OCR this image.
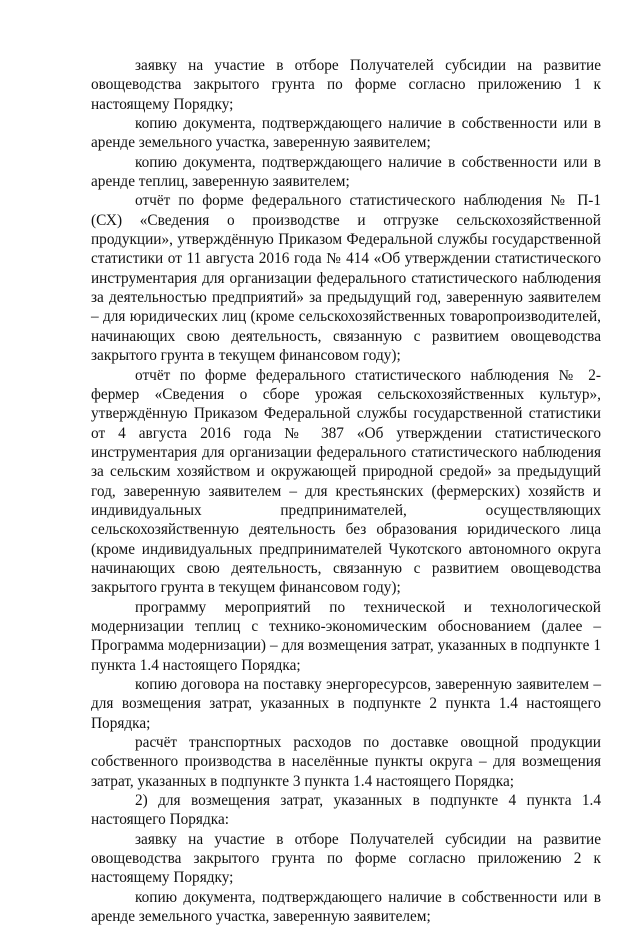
заявку на участие в отборе Получателей субсидии на развитие овощеводства закрытого грунта по форме согласно приложению 1 к настоящему Порядку;

копию документа, подтверждающего наличие в собственности или в аренде земельного участка, заверенную заявителем;

копию документа, подтверждающего наличие в собственности или в аренде теплиц, заверенную заявителем;

отчёт по форме федерального статистического наблюдения № П-1 (СХ) «Сведения о производстве и отгрузке сельскохозяйственной продукции», утверждённую Приказом Федеральной службы государственной статистики от 11 августа 2016 года № 414 «Об утверждении статистического инструментария для организации федерального статистического наблюдения за деятельностью предприятий» за предыдущий год, заверенную заявителем – для юридических лиц (кроме сельскохозяйственных товаропроизводителей, начинающих свою деятельность, связанную с развитием овощеводства закрытого грунта в текущем финансовом году);

отчёт по форме федерального статистического наблюдения № 2-фермер «Сведения о сборе урожая сельскохозяйственных культур», утверждённую Приказом Федеральной службы государственной статистики от 4 августа 2016 года № 387 «Об утверждении статистического инструментария для организации федерального статистического наблюдения за сельским хозяйством и окружающей природной средой» за предыдущий год, заверенную заявителем – для крестьянских (фермерских) хозяйств и индивидуальных предпринимателей, осуществляющих сельскохозяйственную деятельность без образования юридического лица (кроме индивидуальных предпринимателей Чукотского автономного округа начинающих свою деятельность, связанную с развитием овощеводства закрытого грунта в текущем финансовом году);

программу мероприятий по технической и технологической модернизации теплиц с технико-экономическим обоснованием (далее – Программа модернизации) – для возмещения затрат, указанных в подпункте 1 пункта 1.4 настоящего Порядка;

копию договора на поставку энергоресурсов, заверенную заявителем – для возмещения затрат, указанных в подпункте 2 пункта 1.4 настоящего Порядка;

расчёт транспортных расходов по доставке овощной продукции собственного производства в населённые пункты округа – для возмещения затрат, указанных в подпункте 3 пункта 1.4 настоящего Порядка;

2) для возмещения затрат, указанных в подпункте 4 пункта 1.4 настоящего Порядка:

заявку на участие в отборе Получателей субсидии на развитие овощеводства закрытого грунта по форме согласно приложению 2 к настоящему Порядку;

копию документа, подтверждающего наличие в собственности или в аренде земельного участка, заверенную заявителем;
